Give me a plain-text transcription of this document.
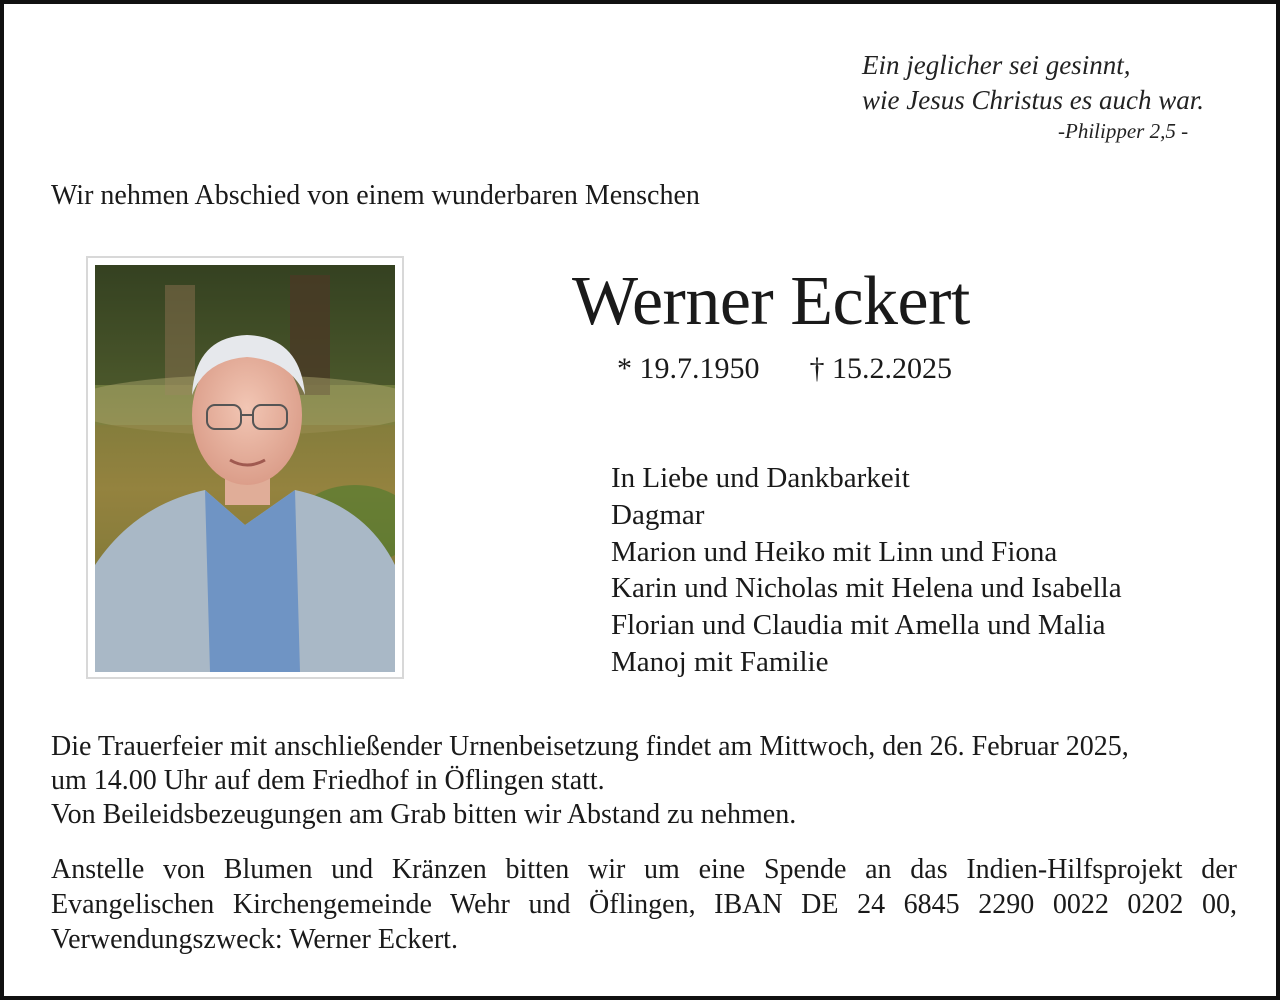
Ein jeglicher sei gesinnt,
wie Jesus Christus es auch war.
-Philipper 2,5 -
Wir nehmen Abschied von einem wunderbaren Menschen
Werner Eckert
* 19.7.1950 † 15.2.2025
In Liebe und Dankbarkeit
Dagmar
Marion und Heiko mit Linn und Fiona
Karin und Nicholas mit Helena und Isabella
Florian und Claudia mit Amella und Malia
Manoj mit Familie

Die Trauerfeier mit anschließender Urnenbeisetzung findet am Mittwoch, den 26. Februar 2025,

um 14.00 Uhr auf dem Friedhof in Öflingen statt.

Von Beileidsbezeugungen am Grab bitten wir Abstand zu nehmen.

Anstelle von Blumen und Kränzen bitten wir um eine Spende an das Indien-Hilfsprojekt der Evangelischen Kirchengemeinde Wehr und Öflingen, IBAN DE 24 6845 2290 0022 0202 00, Verwendungszweck: Werner Eckert.
